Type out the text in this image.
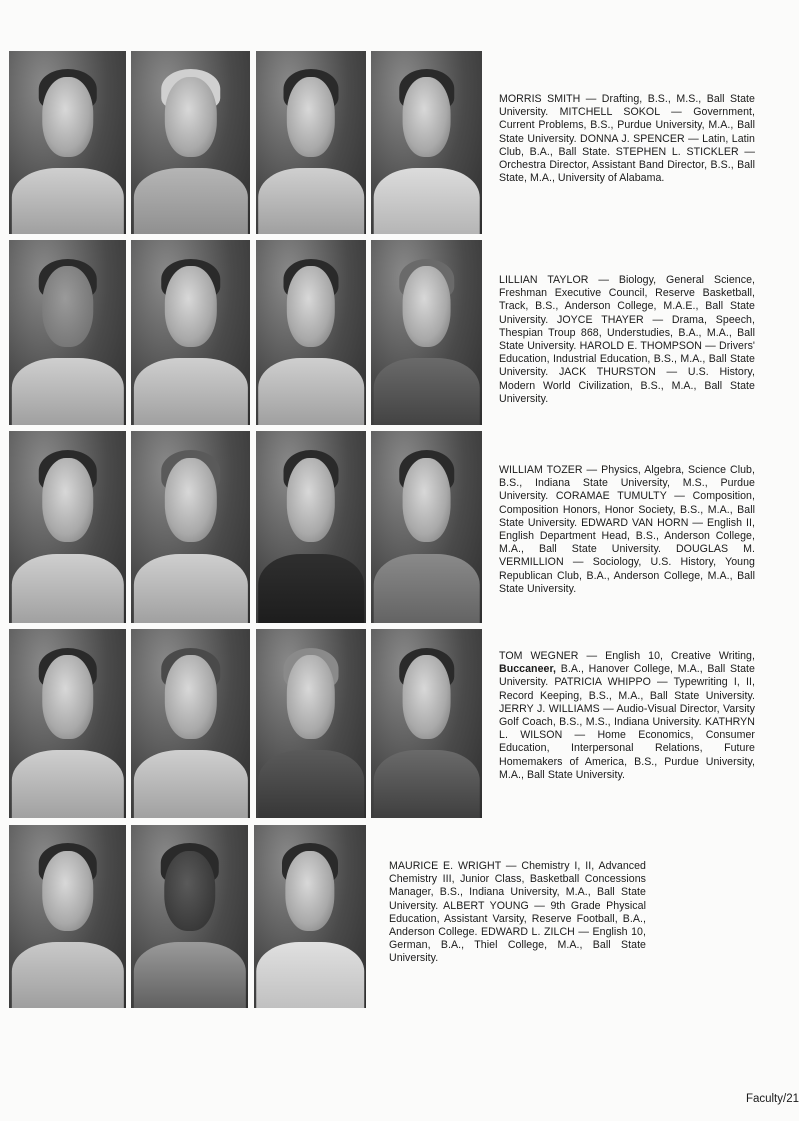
MORRIS SMITH — Drafting, B.S., M.S., Ball State University. MITCHELL SOKOL — Government, Current Problems, B.S., Purdue University, M.A., Ball State University. DONNA J. SPENCER — Latin, Latin Club, B.A., Ball State. STEPHEN L. STICKLER — Orchestra Director, Assistant Band Director, B.S., Ball State, M.A., University of Alabama.

LILLIAN TAYLOR — Biology, General Science, Freshman Executive Council, Reserve Basketball, Track, B.S., Anderson College, M.A.E., Ball State University. JOYCE THAYER — Drama, Speech, Thespian Troup 868, Understudies, B.A., M.A., Ball State University. HAROLD E. THOMPSON — Drivers' Education, Industrial Education, B.S., M.A., Ball State University. JACK THURSTON — U.S. History, Modern World Civilization, B.S., M.A., Ball State University.

WILLIAM TOZER — Physics, Algebra, Science Club, B.S., Indiana State University, M.S., Purdue University. CORAMAE TUMULTY — Composition, Composition Honors, Honor Society, B.S., M.A., Ball State University. EDWARD VAN HORN — English II, English Department Head, B.S., Anderson College, M.A., Ball State University. DOUGLAS M. VERMILLION — Sociology, U.S. History, Young Republican Club, B.A., Anderson College, M.A., Ball State University.

TOM WEGNER — English 10, Creative Writing, Buccaneer, B.A., Hanover College, M.A., Ball State University. PATRICIA WHIPPO — Typewriting I, II, Record Keeping, B.S., M.A., Ball State University. JERRY J. WILLIAMS — Audio-Visual Director, Varsity Golf Coach, B.S., M.S., Indiana University. KATHRYN L. WILSON — Home Economics, Consumer Education, Interpersonal Relations, Future Homemakers of America, B.S., Purdue University, M.A., Ball State University.

MAURICE E. WRIGHT — Chemistry I, II, Advanced Chemistry III, Junior Class, Basketball Concessions Manager, B.S., Indiana University, M.A., Ball State University. ALBERT YOUNG — 9th Grade Physical Education, Assistant Varsity, Reserve Football, B.A., Anderson College. EDWARD L. ZILCH — English 10, German, B.A., Thiel College, M.A., Ball State University.

Faculty/21
